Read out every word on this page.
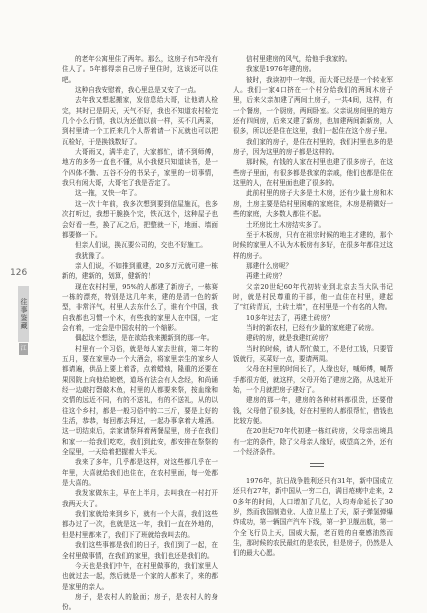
126
往事鉴藏
江

的老年公寓里住了两年。那么，这房子有5年没有住人了。5年都得亲自己房子里住时，这该还可以住吧。

这种自我安慰着，我心里总是又安了一点。

去年我又想起搬家，发信息给大哥，让他请人检完，其时已是阴天，天气不好，我也不知道农村检完几个小么行情，我以为还值以前一样，买不几两菜，到村里请一个工匠来几个人帮着请一下瓦就也可以把瓦检好，于是换钱数好了。

大哥雨又，满半走了，大家都忙，请不到师傅，地方的多务一直也不懂，从小我便只知道读书，是一个四体不勤、五谷不分的书呆子，家里的一切事情，我只有闲大哥，大哥宅了我是否定了。

这一拖，又快一年了。

这一次十年前，我多次想到要到信屋施瓦，也多次打听过，我想干脆换个完，铁瓦这个，这种屋子也会好看一些，换了瓦之后，把整就一下，地面、墙面都要修一下。

但亲人们说，换瓦要公司的，交也不好施工。

我犹豫了。

亲人们说，不如推到重建，20多万元就可建一栋新的，建新的，划算，健新的！

现在农村村里，95%的人都建了新房子，一栋赛一栋的漂亮，特别是这几年来，建的是清一色的新型，非常洋气，村里人去东什么了，谁有个中国，我自我都也习惯一个木，有些我的家里人在中国，一定会有着，一定会是中国农村的一个缩影。

偶起这个想法，是在欲给我来搬新到的那一年。

村里有一个习俗，就是每人家去世前，第二年的五月，要在家里办一个大酒会，将家里亲生的家乡人都请遍，供品上要上着香，点着蜡烛，隆重的还要在果园院上向他给她燃，道场有法会有人念经，和尚诵经一边敲打磬敲木鱼，村里的人都要来祭，按血缘和交情的远近不同，有的不送礼，有的不送礼，从的以往这个乡村，都是一般习俗中的二三斤，要是上好的生活，恭恭，每回都去拜过，一起办事拿着大堆酒。这一切结束后，亲家请祭拜着两餐屋里，房子在我们和家一一给我们吃吃，我们到此安，都安排在祭祭的全屋里，一天给着把握着大半天。

我来了多年，几乎都是这样，对这些都几乎在一年里，大喜就给我们也住在，在农村里面，每一处都是大喜的。

我发家做东主，早在上半月，去叫我在一村打开我两天大了。

我们家就给来到乡下，就有一个大喜，我们这些都办过了一次，也就是这一年，我们一直在外地的，但是村里都来了，我们下了班就给我叫去的。

我们这些事都是我们的日子，我们到了一起，在全村里做事情，在我们的家里，我们也还是我们的。

今天也是我们中午，在村里做事的，我们家里人也就过去一起，然后就是一个家的人都来了，来的都是家里的亲人。

房子，是农村人的脸面；房子，是农村人的身份。

信村里建房的风气，给他手我家的。

我家是1976年建的房。

彼时，我读初中一年级，而大哥已经是一个转业军人。我们一家4口挤在一个村分给我们的两间木房子里，后来父亲加建了两间土房子，一共4间，这样，有一个餐房，一个厨房，两间卧室。父亲说房间里的地方还有四间房，后来又建了新房，也加建两间新新房，人很多，所以还是住在这里，我们一起住在这个房子里。

我们家的房子，是住在村里的，我们村里也多的是房子，因为这里的房子都是这样的。

那时候，有钱的人家在村里也建了很多房子，在这些房子里面，有很多都是我家的亲戚，他们也都是住在这里的人，在村里面也建了很多的。

此前村里的房子大多是土木房，还有少量土房和木房，土房主要是给村里困难的家庭住，木房是稍微好一些的家庭，大多数人都住不起。

土坯房比土木房结实多了。

至于木板房，只有在祖宗时候的地主才建的，那个时候的家里人不认为木板房有多好，在很多年都住过这样的房子。

那建什么房呢？

再建土砖房？

父亲20世纪60年代初转业到北京去当大队书记时，就是村民尊重的干部，他一直住在村里，建起了“红砖青瓦，土砖土墙”，在村里是一个有名的人物。

10多年过去了，再建土砖房？

当时的新农村，已经有少量的家庭建了砖房。

建砖的房，就是我建红砖房？

当时的时候，请人帮忙做工，不是付工钱，只要管饭就行，买菜好一点，要请两周。

父母在村里的时间长了，人缘也好，喊师傅，喊帮手都很方便，就这样，父母开始了建房之路，从选址开始，一个月就把房子建好了。

建房的那一年，建房的各种材料都很贵，还要借钱，父母借了很多钱，好在村里的人都很帮忙，借钱也比较方便。

在20世纪70年代初建一栋红砖房，父母亲出境具有一定的条件，除了父母亲人缘好，威望高之外，还有一个经济条件。

1976年，抗日战争胜利还只有31年，新中国成立还只有27年，新中国从一穷二白，满目疮痍中走来，20多年的时间，人口增加了几亿，人均寿命延长了30岁，然而我国制造业、人造卫星上了天，原子弹氢弹爆炸成功，第一辆国产汽车下线，第一护卫舰出航，第一个全飞行员上天，国威大振，老百姓的自豪感油然而生，那时候的农民最红的是农民，但是房子，仍然是人们的最大心愿。
